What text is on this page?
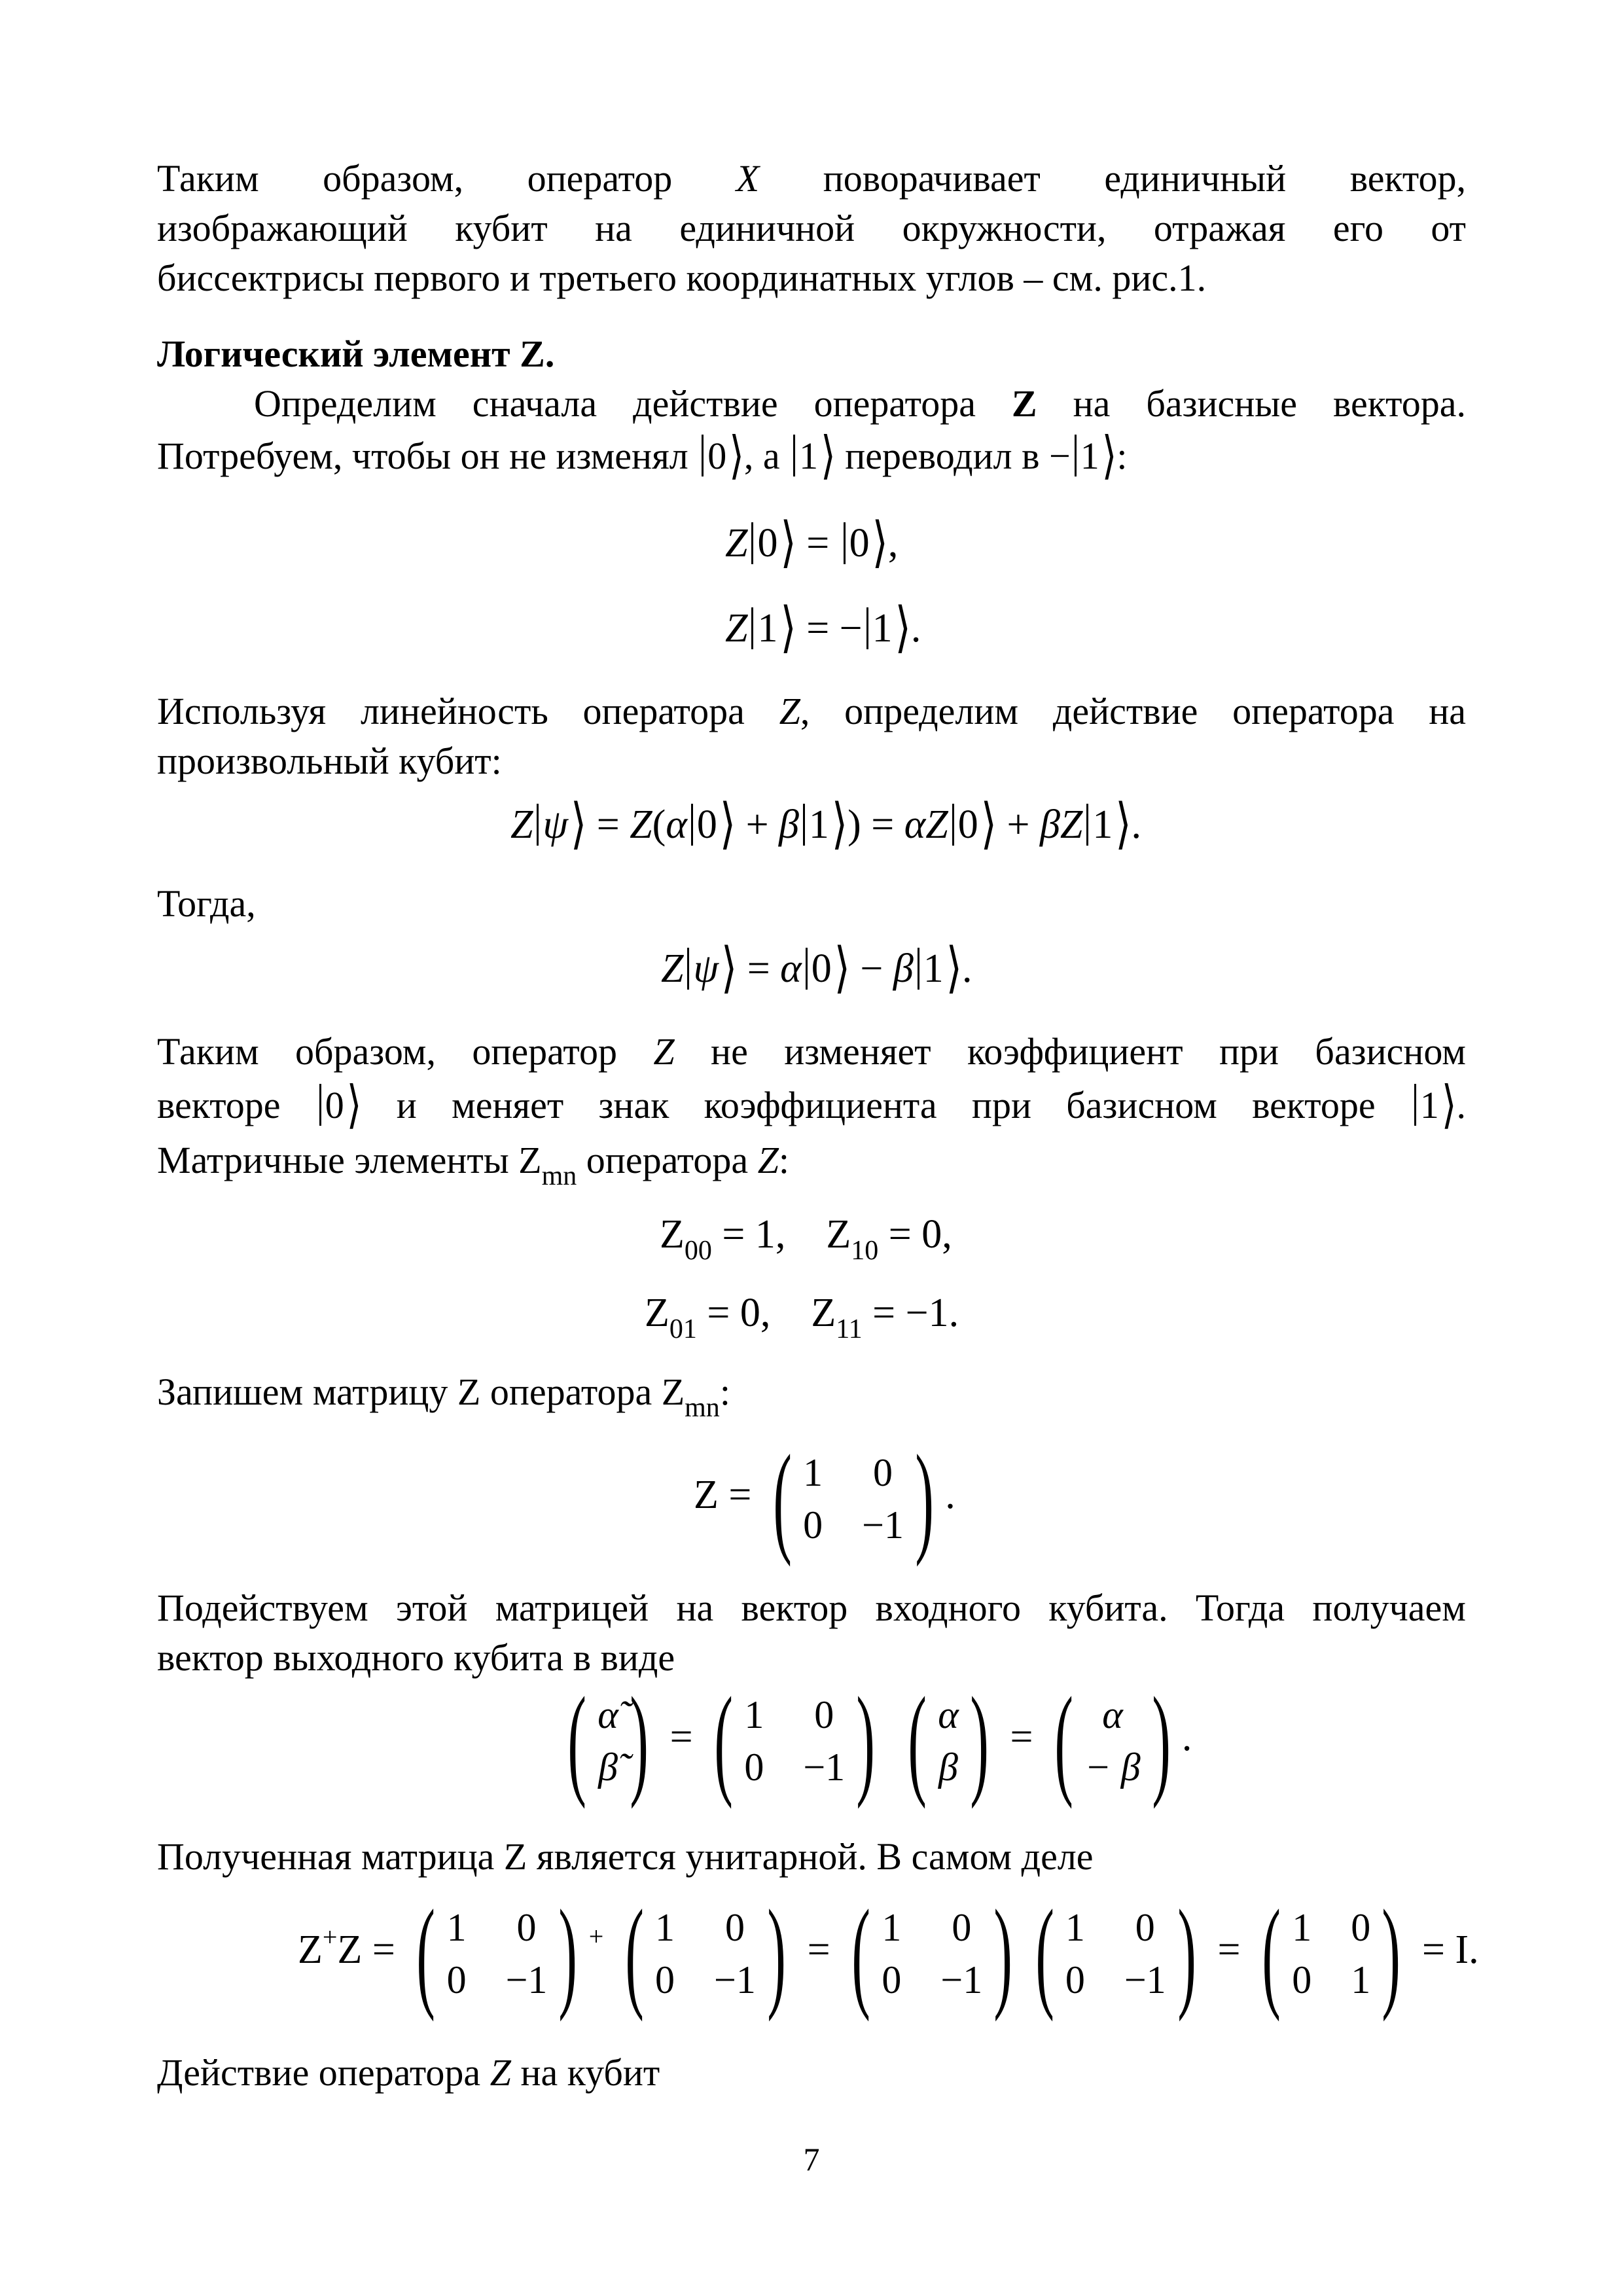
Таким образом, оператор X поворачивает единичный вектор,

изображающий кубит на единичной окружности, отражая его от

биссектрисы первого и третьего координатных углов – см. рис.1.

Логический элемент Z.

Определим сначала действие оператора Z на базисные вектора.

Потребуем, чтобы он не изменял 0⟩, а 1⟩ переводил в − 1⟩:

Z 0⟩ = 0⟩,
Z 1⟩ = − 1⟩.

Используя линейность оператора Z, определим действие оператора на

произвольный кубит:

Z ψ⟩ = Z(α 0⟩ + β 1⟩) = αZ 0⟩ + βZ 1⟩.

Тогда,

Z ψ⟩ = α 0⟩ − β 1⟩.

Таким образом, оператор Z не изменяет коэффициент при базисном

векторе 0⟩ и меняет знак коэффициента при базисном векторе 1⟩.

Матричные элементы $Z_{mn}$ оператора Z:

$Z_{00} = 1$, $Z_{10} = 0$,
$Z_{01} = 0$, $Z_{11} = -1$.

Запишем матрицу Z оператора $Z_{mn}$:

Z = ( 1 0
0 −1 ) .

Подействуем этой матрицей на вектор входного кубита. Тогда получаем

вектор выходного кубита в виде

( α̃
β̃ ) = ( 1 0
0 −1 )
( α
β ) = ( α
− β ) .

Полученная матрица Z является унитарной. В самом деле

Z+Z = ( 1 0
0 −1 ) +
( 1 0
0 −1 ) = ( 1 0
0 −1 ) ( 1 0
0 −1 ) = ( 1 0
0 1 ) = I.

Действие оператора Z на кубит

7
